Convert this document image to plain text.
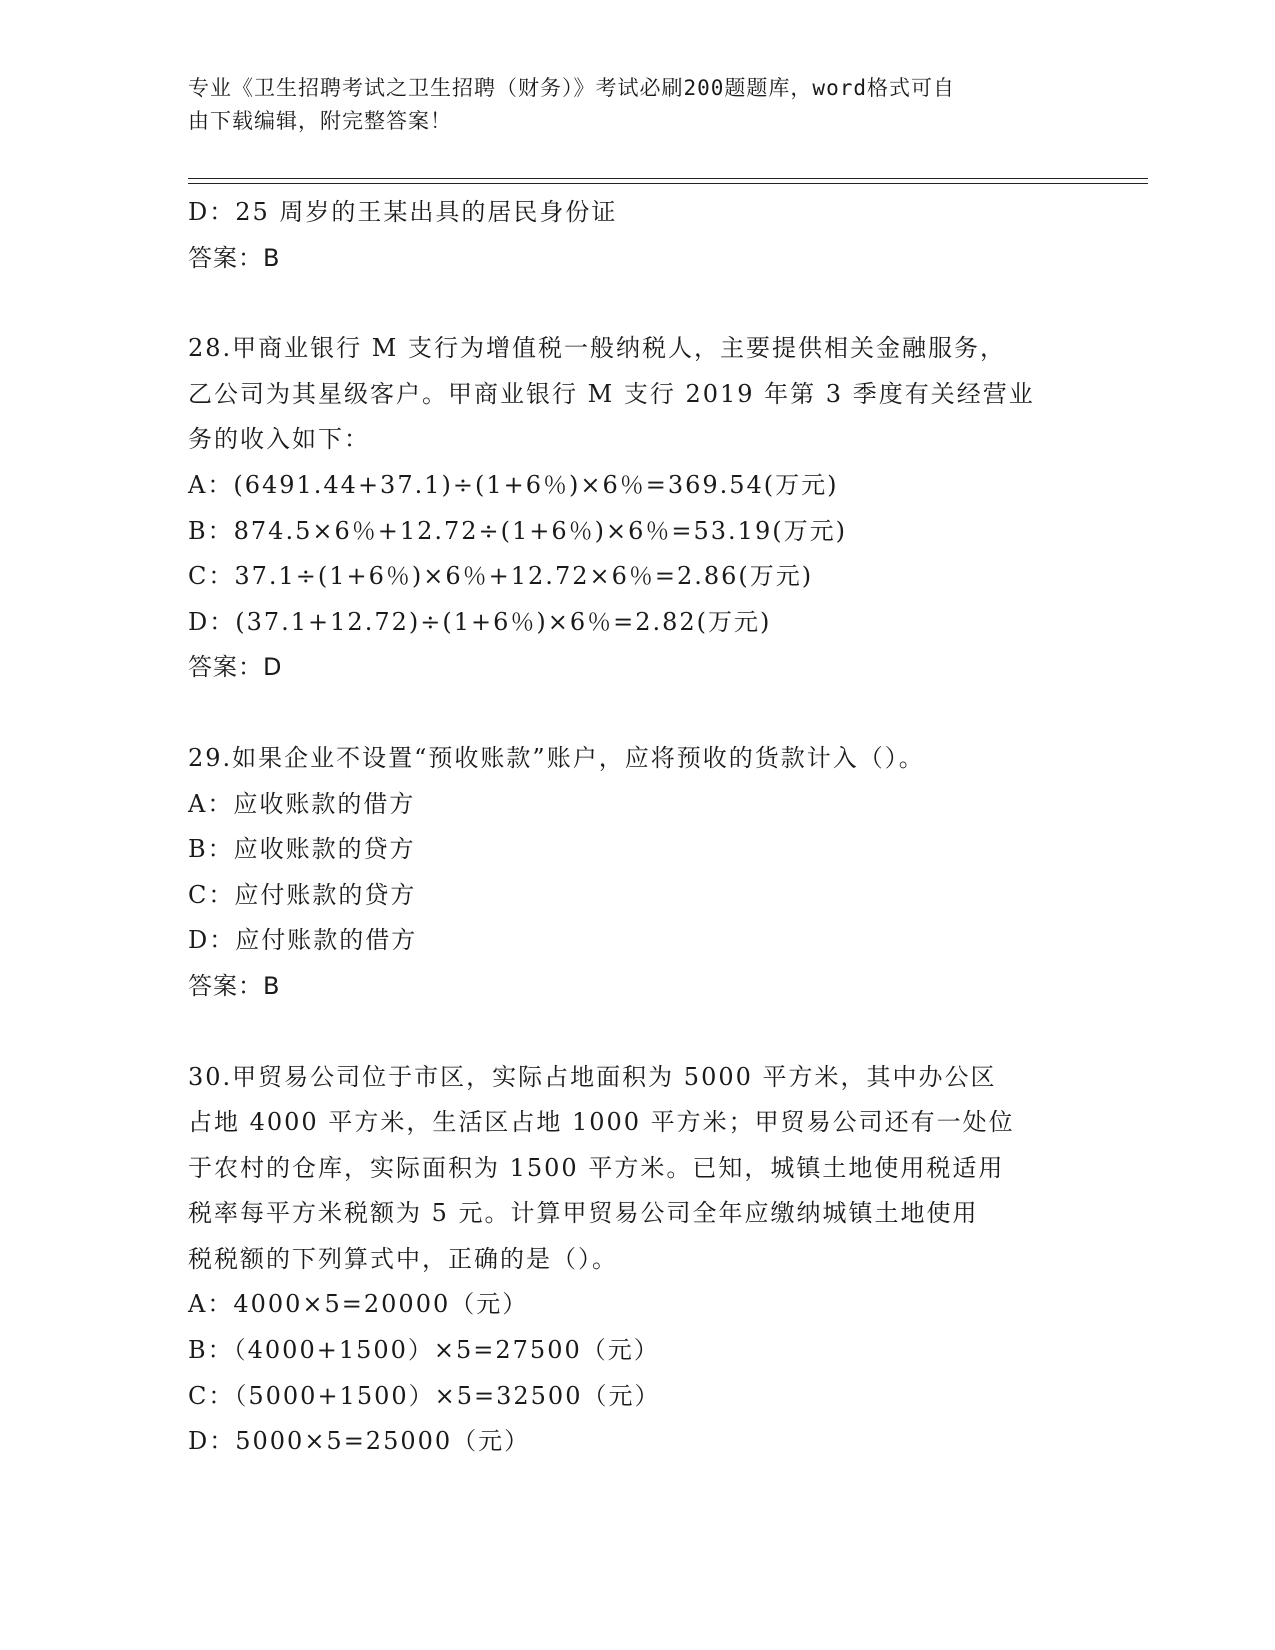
专业《卫生招聘考试之卫生招聘（财务）》考试必刷200题题库，word格式可自
由下载编辑，附完整答案！
D：25 周岁的王某出具的居民身份证
答案：B
28.甲商业银行 M 支行为增值税一般纳税人，主要提供相关金融服务，
乙公司为其星级客户。甲商业银行 M 支行 2019 年第 3 季度有关经营业
务的收入如下：
A：(6491.44+37.1)÷(1+6％)×6％=369.54(万元)
B：874.5×6％+12.72÷(1+6％)×6％=53.19(万元)
C：37.1÷(1+6％)×6％+12.72×6％=2.86(万元)
D：(37.1+12.72)÷(1+6％)×6％=2.82(万元)
答案：D
29.如果企业不设置“预收账款”账户，应将预收的货款计入（）。
A：应收账款的借方
B：应收账款的贷方
C：应付账款的贷方
D：应付账款的借方
答案：B
30.甲贸易公司位于市区，实际占地面积为 5000 平方米，其中办公区
占地 4000 平方米，生活区占地 1000 平方米；甲贸易公司还有一处位
于农村的仓库，实际面积为 1500 平方米。已知，城镇土地使用税适用
税率每平方米税额为 5 元。计算甲贸易公司全年应缴纳城镇土地使用
税税额的下列算式中，正确的是（）。
A：4000×5=20000（元）
B：（4000+1500）×5=27500（元）
C：（5000+1500）×5=32500（元）
D：5000×5=25000（元）
